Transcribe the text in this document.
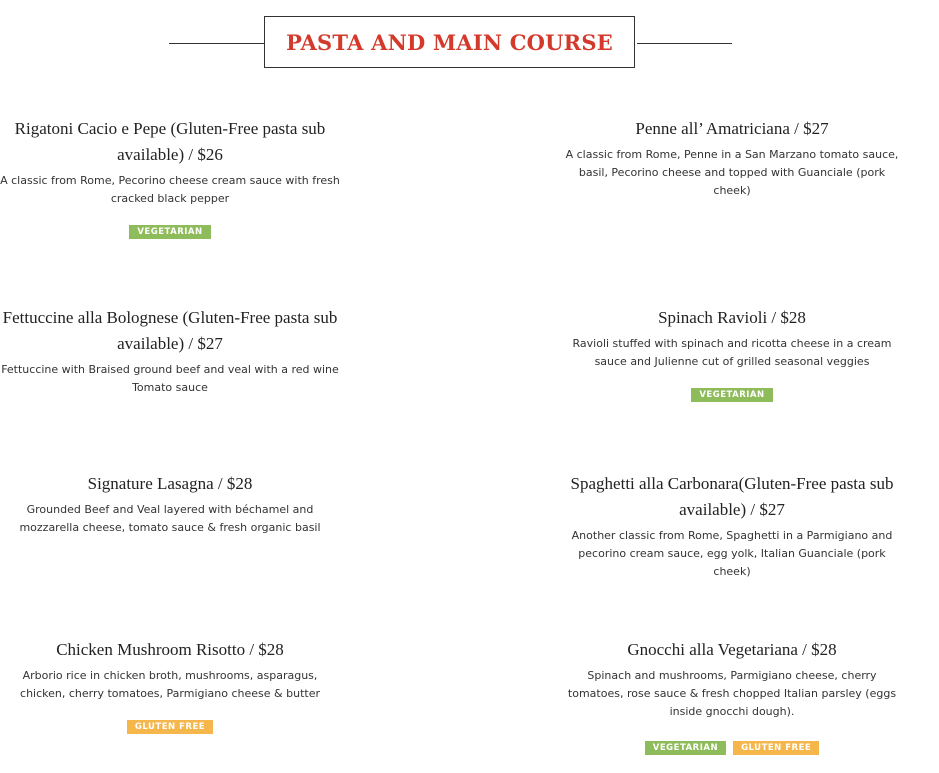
PASTA AND MAIN COURSE
Rigatoni Cacio e Pepe (Gluten-Free pasta sub available) / $26
A classic from Rome, Pecorino cheese cream sauce with fresh cracked black pepper
VEGETARIAN
Penne all’ Amatriciana / $27
A classic from Rome, Penne in a San Marzano tomato sauce, basil, Pecorino cheese and topped with Guanciale (pork cheek)
Fettuccine alla Bolognese (Gluten-Free pasta sub available) / $27
Fettuccine with Braised ground beef and veal with a red wine Tomato sauce
Spinach Ravioli / $28
Ravioli stuffed with spinach and ricotta cheese in a cream sauce and Julienne cut of grilled seasonal veggies
VEGETARIAN
Signature Lasagna / $28
Grounded Beef and Veal layered with béchamel and mozzarella cheese, tomato sauce & fresh organic basil
Spaghetti alla Carbonara(Gluten-Free pasta sub available) / $27
Another classic from Rome, Spaghetti in a Parmigiano and pecorino cream sauce, egg yolk, Italian Guanciale (pork cheek)
Chicken Mushroom Risotto / $28
Arborio rice in chicken broth, mushrooms, asparagus, chicken, cherry tomatoes, Parmigiano cheese & butter
GLUTEN FREE
Gnocchi alla Vegetariana / $28
Spinach and mushrooms, Parmigiano cheese, cherry tomatoes, rose sauce & fresh chopped Italian parsley (eggs inside gnocchi dough).
VEGETARIAN	GLUTEN FREE
